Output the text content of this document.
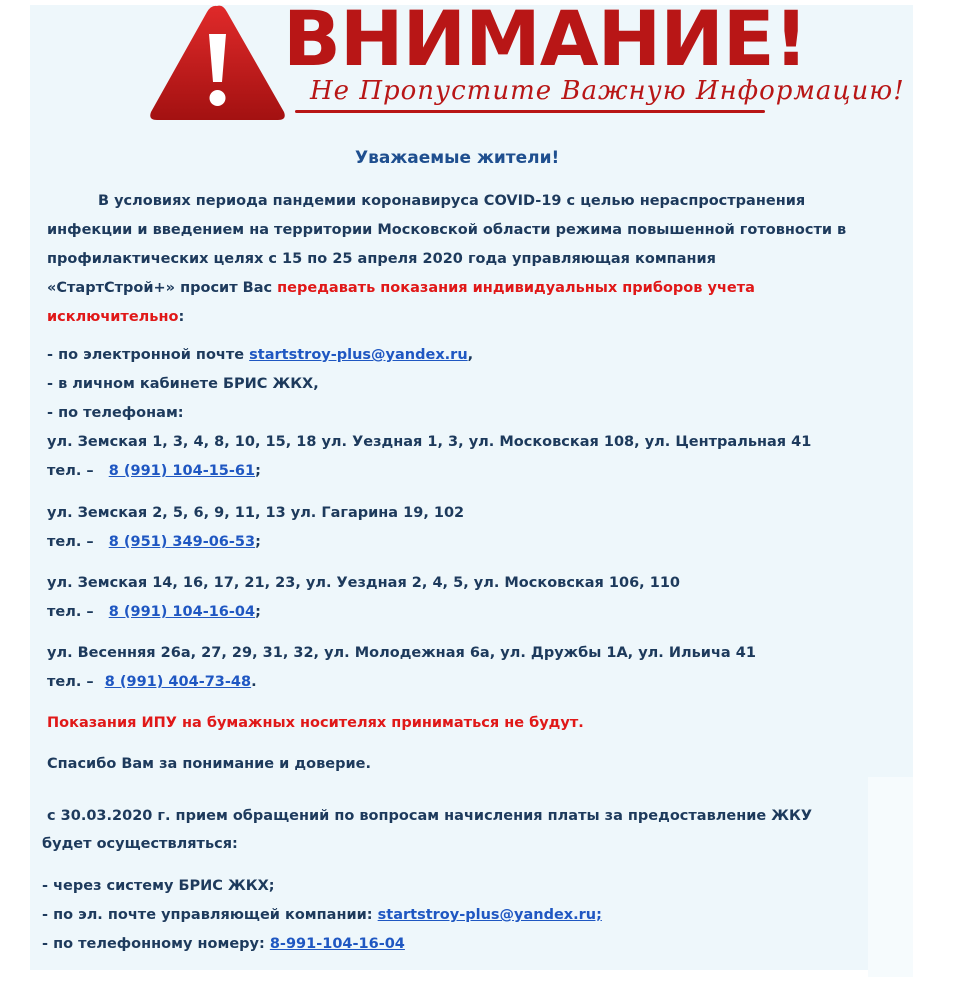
ВНИМАНИЕ!
Не Пропустите Важную Информацию!

Уважаемые жители!

В условиях периода пандемии коронавируса COVID-19 с целью нераспространения

инфекции и введением на территории Московской области режима повышенной готовности в

профилактических целях с 15 по 25 апреля 2020 года управляющая компания

«СтартСтрой+» просит Вас передавать показания индивидуальных приборов учета

исключительно:

- по электронной почте startstroy-plus@yandex.ru,

- в личном кабинете БРИС ЖКХ,

- по телефонам:

ул. Земская 1, 3, 4, 8, 10, 15, 18 ул. Уездная 1, 3, ул. Московская 108, ул. Центральная 41

тел. – 8 (991) 104-15-61;

ул. Земская 2, 5, 6, 9, 11, 13 ул. Гагарина 19, 102

тел. – 8 (951) 349-06-53;

ул. Земская 14, 16, 17, 21, 23, ул. Уездная 2, 4, 5, ул. Московская 106, 110

тел. – 8 (991) 104-16-04;

ул. Весенняя 26а, 27, 29, 31, 32, ул. Молодежная 6а, ул. Дружбы 1А, ул. Ильича 41

тел. – 8 (991) 404-73-48.

Показания ИПУ на бумажных носителях приниматься не будут.

Спасибо Вам за понимание и доверие.

с 30.03.2020 г. прием обращений по вопросам начисления платы за предоставление ЖКУ

будет осуществляться:

- через систему БРИС ЖКХ;

- по эл. почте управляющей компании: startstroy-plus@yandex.ru;

- по телефонному номеру: 8-991-104-16-04
